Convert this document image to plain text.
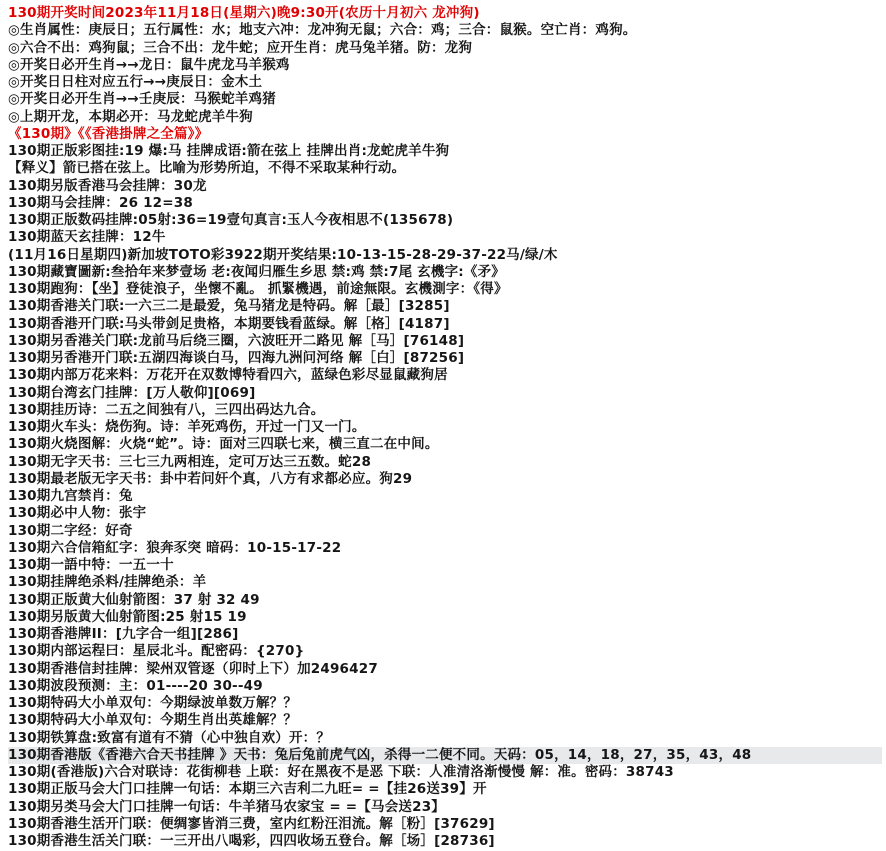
130期开奖时间2023年11月18日(星期六)晚9:30开(农历十月初六 龙冲狗)
◎生肖属性：庚辰日；五行属性：水；地支六冲：龙冲狗无鼠；六合：鸡；三合：鼠猴。空亡肖：鸡狗。
◎六合不出：鸡狗鼠；三合不出：龙牛蛇；应开生肖：虎马兔羊猪。防：龙狗
◎开奖日必开生肖→→龙日：鼠牛虎龙马羊猴鸡
◎开奖日日柱对应五行→→庚辰日：金木土
◎开奖日必开生肖→→壬庚辰：马猴蛇羊鸡猪
◎上期开龙，本期必开：马龙蛇虎羊牛狗
《130期》《《香港掛牌之全篇》》
130期正版彩图挂:19 爆:马 挂牌成语:箭在弦上 挂牌出肖:龙蛇虎羊牛狗
【释义】箭已搭在弦上。比喻为形势所迫，不得不采取某种行动。
130期另版香港马会挂牌：30龙
130期马会挂牌：26 12=38
130期正版数码挂牌:05射:36=19壹句真言:玉人今夜相思不(135678)
130期蓝天玄挂牌：12牛
(11月16日星期四)新加坡TOTO彩3922期开奖结果:10-13-15-28-29-37-22马/绿/木
130期藏寶圖新:叁拾年来梦壹场 老:夜闻归雁生乡思 禁:鸡 禁:7尾 玄機字:《矛》
130期跑狗：【坐】登徒浪子，坐懷不亂。 抓緊機遇，前途無限。玄機測字：《得》
130期香港关门联:一六三二是最爱，兔马猪龙是特码。解［最］[3285]
130期香港开门联:马头带剑足贵格，本期要钱看蓝绿。解［格］[4187]
130期另香港关门联:龙前马后绕三圈，六波旺开二路见 解［马］[76148]
130期另香港开门联:五湖四海谈白马，四海九洲问河络 解［白］[87256]
130期内部万花来料：万花开在双数博特看四六，蓝绿色彩尽显鼠藏狗居
130期台湾玄门挂牌：[万人敬仰][069]
130期挂历诗：二五之间独有八，三四出码达九合。
130期火车头：烧伤狗。诗：羊死鸡伤，开过一门又一门。
130期火烧图解：火烧“蛇”。诗：面对三四联七来，横三直二在中间。
130期无字天书：三七三九两相连，定可万达三五数。蛇28
130期最老版无字天书：卦中若问奸个真，八方有求都必应。狗29
130期九宫禁肖：兔
130期必中人物：张宇
130期二字经：好奇
130期六合信箱紅字：狼奔豕突 暗码：10-15-17-22
130期一語中特：一五一十
130期挂牌绝杀料/挂牌绝杀：羊
130期正版黄大仙射箭图：37 射 32 49
130期另版黄大仙射箭图:25 射15 19
130期香港牌II：[九字合一组][286]
130期内部运程曰：星辰北斗。配密码：{270}
130期香港信封挂牌：梁州双管逐（卯时上下）加2496427
130期波段预测：主：01----20 30--49
130期特码大小单双句：今期绿波单数万解？？
130期特码大小单双句：今期生肖出英雄解？？
130期铁算盘:致富有道有不猜（心中独自欢）开：？
130期香港版《香港六合天书挂牌 》天书：兔后兔前虎气凶，杀得一二便不同。天码：05，14，18，27，35，43，48
130期(香港版)六合对联诗：花街柳巷 上联：好在黑夜不是恶 下联：人准清洛渐慢慢 解：准。密码：38743
130期正版马会大门口挂牌一句话：本期三六吉利二九旺= =【挂26送39】开
130期另类马会大门口挂牌一句话：牛羊猪马农家宝 = =【马会送23】
130期香港生活开门联：便绸寥皆消三费，室内红粉汪泪流。解［粉］[37629]
130期香港生活关门联：一三开出八喝彩，四四收场五登台。解［场］[28736]
